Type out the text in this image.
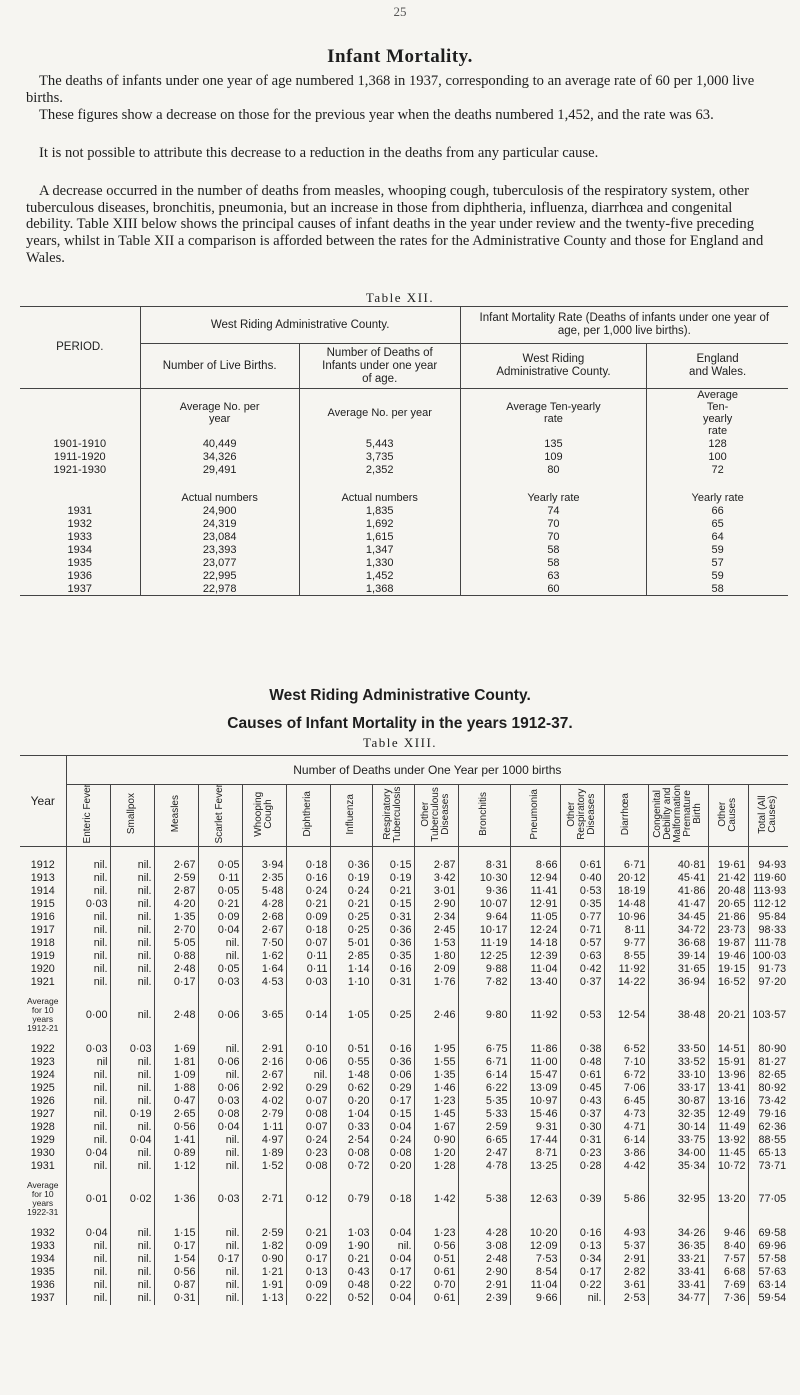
25
Infant Mortality.

The deaths of infants under one year of age numbered 1,368 in 1937, corresponding to an average rate of 60 per 1,000 live births.

These figures show a decrease on those for the previous year when the deaths numbered 1,452, and the rate was 63.

It is not possible to attribute this decrease to a reduction in the deaths from any particular cause.

A decrease occurred in the number of deaths from measles, whooping cough, tuberculosis of the respiratory system, other tuberculous diseases, bronchitis, pneumonia, but an increase in those from diphtheria, influenza, diarrhœa and congenital debility. Table XIII below shows the principal causes of infant deaths in the year under review and the twenty-five preceding years, whilst in Table XII a comparison is afforded between the rates for the Administrative County and those for England and Wales.

Table XII.
PERIOD.	West Riding Administrative County.		Infant Mortality Rate (Deaths of infants under one year of age, per 1,000 live births).	
	Number of Live Births.	Number of Deaths of Infants under one year of age.	West Riding Administrative County.	England and Wales.
	Average No. per year	Average No. per year	Average Ten-yearly rate	Average Ten-yearly rate
1901-1910	40,449	5,443	135	128
1911-1920	34,326	3,735	109	100
1921-1930	29,491	2,352	80	72
	Actual numbers	Actual numbers	Yearly rate	Yearly rate
1931	24,900	1,835	74	66
1932	24,319	1,692	70	65
1933	23,084	1,615	70	64
1934	23,393	1,347	58	59
1935	23,077	1,330	58	57
1936	22,995	1,452	63	59
1937	22,978	1,368	60	58
West Riding Administrative County.
Causes of Infant Mortality in the years 1912-37.
Table XIII.
Year	Number of Deaths under One Year per 1000 births															
	Enteric Fever	Smallpox	Measles	Scarlet Fever	Whooping Cough	Diphtheria	Influenza	Respiratory Tuberculosis	Other Tuberculous Diseases	Bronchitis	Pneumonia	Other Respiratory Diseases	Diarrhœa	Congenital Debility and Malformation Premature Birth	Other Causes	Total (All Causes)

1912	nil.	nil.	2·67	0·05	3·94	0·18	0·36	0·15	2·87	8·31	8·66	0·61	6·71	40·81	19·61	94·93
1913	nil.	nil.	2·59	0·11	2·35	0·16	0·19	0·19	3·42	10·30	12·94	0·40	20·12	45·41	21·42	119·60
1914	nil.	nil.	2·87	0·05	5·48	0·24	0·24	0·21	3·01	9·36	11·41	0·53	18·19	41·86	20·48	113·93
1915	0·03	nil.	4·20	0·21	4·28	0·21	0·21	0·15	2·90	10·07	12·91	0·35	14·48	41·47	20·65	112·12
1916	nil.	nil.	1·35	0·09	2·68	0·09	0·25	0·31	2·34	9·64	11·05	0·77	10·96	34·45	21·86	95·84
1917	nil.	nil.	2·70	0·04	2·67	0·18	0·25	0·36	2·45	10·17	12·24	0·71	8·11	34·72	23·73	98·33
1918	nil.	nil.	5·05	nil.	7·50	0·07	5·01	0·36	1·53	11·19	14·18	0·57	9·77	36·68	19·87	111·78
1919	nil.	nil.	0·88	nil.	1·62	0·11	2·85	0·35	1·80	12·25	12·39	0·63	8·55	39·14	19·46	100·03
1920	nil.	nil.	2·48	0·05	1·64	0·11	1·14	0·16	2·09	9·88	11·04	0·42	11·92	31·65	19·15	91·73
1921	nil.	nil.	0·17	0·03	4·53	0·03	1·10	0·31	1·76	7·82	13·40	0·37	14·22	36·94	16·52	97·20

Average for 10 years 1912-21	0·00	nil.	2·48	0·06	3·65	0·14	1·05	0·25	2·46	9·80	11·92	0·53	12·54	38·48	20·21	103·57

1922	0·03	0·03	1·69	nil.	2·91	0·10	0·51	0·16	1·95	6·75	11·86	0·38	6·52	33·50	14·51	80·90
1923	nil	nil.	1·81	0·06	2·16	0·06	0·55	0·36	1·55	6·71	11·00	0·48	7·10	33·52	15·91	81·27
1924	nil.	nil.	1·09	nil.	2·67	nil.	1·48	0·06	1·35	6·14	15·47	0·61	6·72	33·10	13·96	82·65
1925	nil.	nil.	1·88	0·06	2·92	0·29	0·62	0·29	1·46	6·22	13·09	0·45	7·06	33·17	13·41	80·92
1926	nil.	nil.	0·47	0·03	4·02	0·07	0·20	0·17	1·23	5·35	10·97	0·43	6·45	30·87	13·16	73·42
1927	nil.	0·19	2·65	0·08	2·79	0·08	1·04	0·15	1·45	5·33	15·46	0·37	4·73	32·35	12·49	79·16
1928	nil.	nil.	0·56	0·04	1·11	0·07	0·33	0·04	1·67	2·59	9·31	0·30	4·71	30·14	11·49	62·36
1929	nil.	0·04	1·41	nil.	4·97	0·24	2·54	0·24	0·90	6·65	17·44	0·31	6·14	33·75	13·92	88·55
1930	0·04	nil.	0·89	nil.	1·89	0·23	0·08	0·08	1·20	2·47	8·71	0·23	3·86	34·00	11·45	65·13
1931	nil.	nil.	1·12	nil.	1·52	0·08	0·72	0·20	1·28	4·78	13·25	0·28	4·42	35·34	10·72	73·71

Average for 10 years 1922-31	0·01	0·02	1·36	0·03	2·71	0·12	0·79	0·18	1·42	5·38	12·63	0·39	5·86	32·95	13·20	77·05

1932	0·04	nil.	1·15	nil.	2·59	0·21	1·03	0·04	1·23	4·28	10·20	0·16	4·93	34·26	9·46	69·58
1933	nil.	nil.	0·17	nil.	1·82	0·09	1·90	nil.	0·56	3·08	12·09	0·13	5·37	36·35	8·40	69·96
1934	nil.	nil.	1·54	0·17	0·90	0·17	0·21	0·04	0·51	2·48	7·53	0·34	2·91	33·21	7·57	57·58
1935	nil.	nil.	0·56	nil.	1·21	0·13	0·43	0·17	0·61	2·90	8·54	0·17	2·82	33·41	6·68	57·63
1936	nil.	nil.	0·87	nil.	1·91	0·09	0·48	0·22	0·70	2·91	11·04	0·22	3·61	33·41	7·69	63·14
1937	nil.	nil.	0·31	nil.	1·13	0·22	0·52	0·04	0·61	2·39	9·66	nil.	2·53	34·77	7·36	59·54
